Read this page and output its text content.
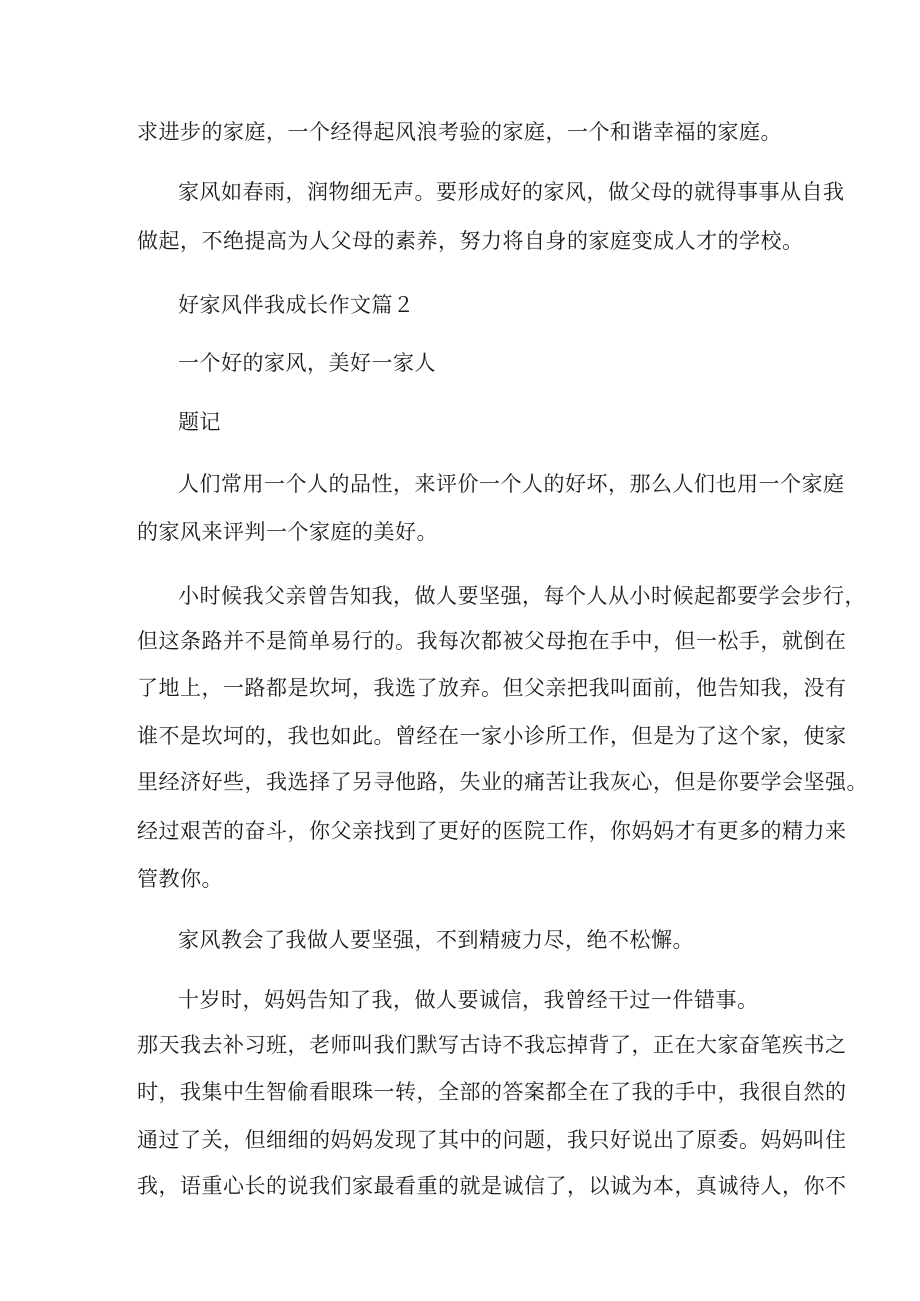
求进步的家庭，一个经得起风浪考验的家庭，一个和谐幸福的家庭。
家风如春雨，润物细无声。要形成好的家风，做父母的就得事事从自我
做起，不绝提高为人父母的素养，努力将自身的家庭变成人才的学校。
好家风伴我成长作文篇２
一个好的家风，美好一家人
题记
人们常用一个人的品性，来评价一个人的好坏，那么人们也用一个家庭
的家风来评判一个家庭的美好。
小时候我父亲曾告知我，做人要坚强，每个人从小时候起都要学会步行，
但这条路并不是简单易行的。我每次都被父母抱在手中，但一松手，就倒在
了地上，一路都是坎坷，我选了放弃。但父亲把我叫面前，他告知我，没有
谁不是坎坷的，我也如此。曾经在一家小诊所工作，但是为了这个家，使家
里经济好些，我选择了另寻他路，失业的痛苦让我灰心，但是你要学会坚强。
经过艰苦的奋斗，你父亲找到了更好的医院工作，你妈妈才有更多的精力来
管教你。
家风教会了我做人要坚强，不到精疲力尽，绝不松懈。
十岁时，妈妈告知了我，做人要诚信，我曾经干过一件错事。
那天我去补习班，老师叫我们默写古诗不我忘掉背了，正在大家奋笔疾书之
时，我集中生智偷看眼珠一转，全部的答案都全在了我的手中，我很自然的
通过了关，但细细的妈妈发现了其中的问题，我只好说出了原委。妈妈叫住
我，语重心长的说我们家最看重的就是诚信了，以诚为本，真诚待人，你不
